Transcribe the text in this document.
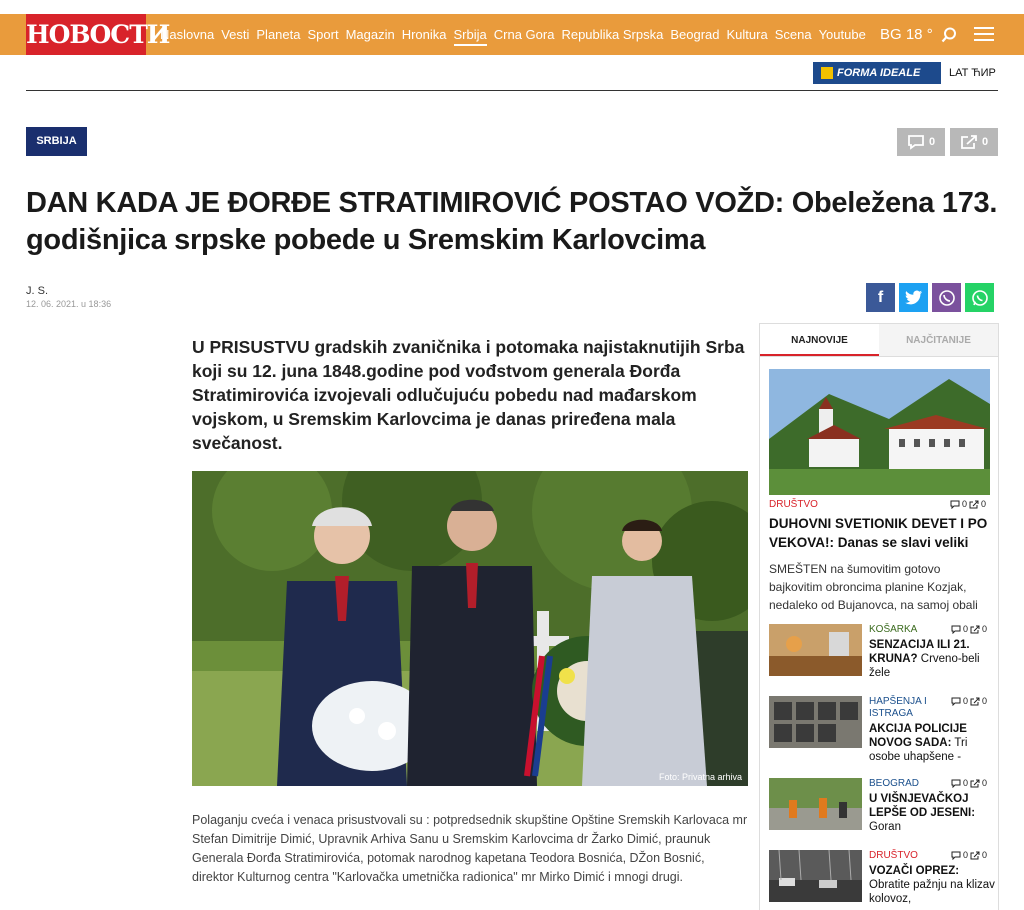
НОВОСТИ
Naslovna Vesti Planeta Sport Magazin Hronika Srbija Crna Gora Republika Srpska Beograd Kultura Scena Youtube BG 18 °
FORMA IDEALE	LAT ЋИР
SRBIJA	0	0
DAN KADA JE ĐORĐE STRATIMIROVIĆ POSTAO VOŽD: Obeležena 173. godišnjica srpske pobede u Sremskim Karlovcima
J. S.
12. 06. 2021. u 18:36	f

U PRISUSTVU gradskih zvaničnika i potomaka najistaknutijih Srba koji su 12. juna 1848.godine pod vođstvom generala Đorđa Stratimirovića izvojevali odlučujuću pobedu nad mađarskom vojskom, u Sremskim Karlovcima je danas priređena mala svečanost.

Foto: Privatna arhiva

Polaganju cveća i venaca prisustvovali su : potpredsednik skupštine Opštine Sremskih Karlovaca mr Stefan Dimitrije Dimić, Upravnik Arhiva Sanu u Sremskim Karlovcima dr Žarko Dimić, praunuk Generala Đorđa Stratimirovića, potomak narodnog kapetana Teodora Bosnića, DŽon Bosnić, direktor Kulturnog centra "Karlovačka umetnička radionica" mr Mirko Dimić i mnogi drugi.

NAJNOVIJE	NAJČITANIJE
DRUŠTVO	0 0
DUHOVNI SVETIONIK DEVET I PO VEKOVA!: Danas se slavi veliki
SMEŠTEN na šumovitim gotovo bajkovitim obroncima planine Kozjak, nedaleko od Bujanovca, na samoj obali
KOŠARKA	0 0
SENZACIJA ILI 21. KRUNA? Crveno-beli žele
HAPŠENJA I ISTRAGA
0 0
AKCIJA POLICIJE NOVOG SADA: Tri osobe uhapšene -
BEOGRAD	0 0
U VIŠNJEVAČKOJ LEPŠE OD JESENI: Goran
DRUŠTVO	0 0
VOZAČI OPREZ: Obratite pažnju na klizav kolovoz,
